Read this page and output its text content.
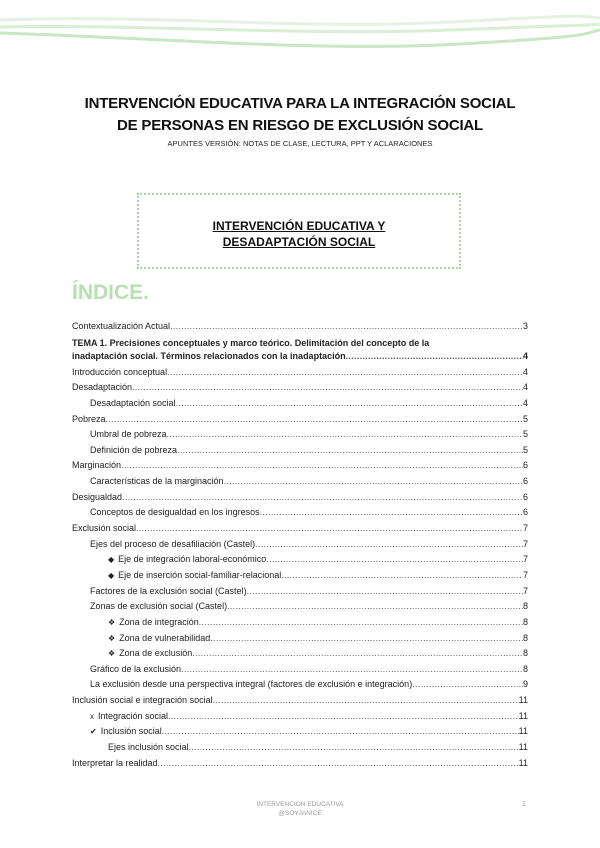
INTERVENCIÓN EDUCATIVA PARA LA INTEGRACIÓN SOCIAL
DE PERSONAS EN RIESGO DE EXCLUSIÓN SOCIAL
APUNTES VERSIÓN: NOTAS DE CLASE, LECTURA, PPT Y ACLARACIONES
INTERVENCIÓN EDUCATIVA Y
DESADAPTACIÓN SOCIAL
ÍNDICE.
Contextualización Actual .....	3
TEMA 1. Precisiones conceptuales y marco teórico. Delimitación del concepto de la
inadaptación social. Términos relacionados con la inadaptación .....	4
Introducción conceptual .....	4
Desadaptación .....	4
Desadaptación social .....	4
Pobreza .....	5
Umbral de pobreza .....	5
Definición de pobreza .....	5
Marginación .....	6
Características de la marginación .....	6
Desigualdad .....	6
Conceptos de desigualdad en los ingresos .....	6
Exclusión social .....	7
Ejes del proceso de desafiliación (Castel) .....	7
◆ Eje de integración laboral-económico .....	7
◆ Eje de inserción social-familiar-relacional .....	7
Factores de la exclusión social (Castel) .....	7
Zonas de exclusión social (Castel) .....	8
❖ Zona de integración .....	8
❖ Zona de vulnerabilidad .....	8
❖ Zona de exclusión .....	8
Gráfico de la exclusión .....	8
La exclusión desde una perspectiva integral (factores de exclusión e integración) .....	9
Inclusión social e integración social .....	11
x Integración social .....	11
✔ Inclusión social .....	11
Ejes inclusión social .....	11
Interpretar la realidad .....	11
INTERVENCION EDUCATIVA
@SOYJANICE
1
